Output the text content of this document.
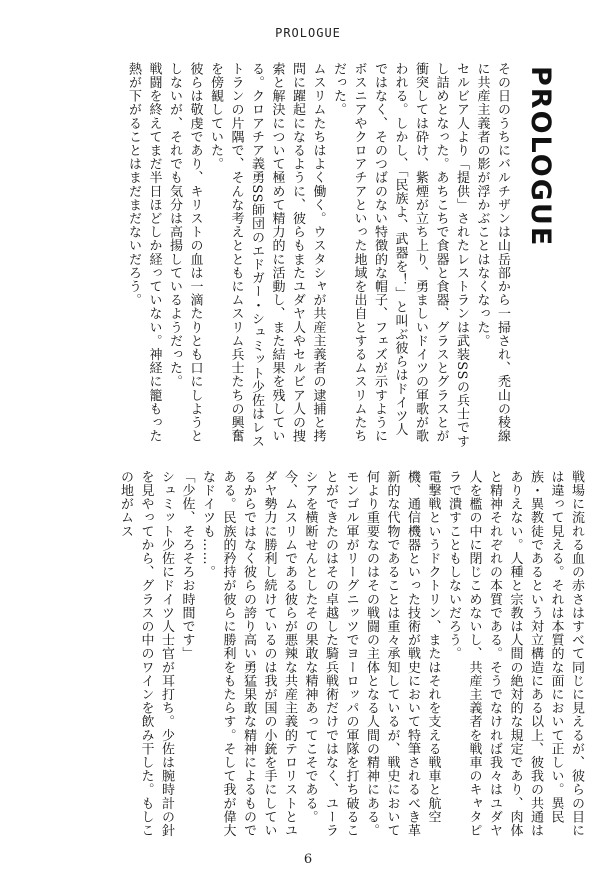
PROLOGUE
PROLOGUE

その日のうちにバルチザンは山岳部から一掃され、禿山の稜線に共産主義者の影が浮かぶことはなくなった。

セルビア人より「提供」されたレストランは武装SSの兵士ですし詰めとなった。あちこちで食器と食器、グラスとグラスとが衝突しては砕け、紫煙が立ち上り、勇ましいドイツの軍歌が歌われる。しかし、「民族よ、武器を！」と叫ぶ彼らはドイツ人ではなく、そのつばのない特徴的な帽子、フェズが示すようにボスニアやクロアチアといった地域を出自とするムスリムたちだった。

ムスリムたちはよく働く。ウスタシャが共産主義者の逮捕と拷問に躍起になるように、彼らもまたユダヤ人やセルビア人の捜索と解決について極めて精力的に活動し、また結果を残している。クロアチア義勇SS師団のエドガー・シュミット少佐はレストランの片隅で、そんな考えとともにムスリム兵士たちの興奮を傍観していた。

彼らは敬虔であり、キリストの血は一滴たりとも口にしようとしないが、それでも気分は高揚しているようだった。

戦闘を終えてまだ半日ほどしか経っていない。神経に籠もった熱が下がることはまだまだないだろう。

戦場に流れる血の赤さはすべて同じに見えるが、彼らの目には違って見える。それは本質的な面において正しい。異民族・異教徒であるという対立構造にある以上、彼我の共通はありえない。人種と宗教は人間の絶対的な規定であり、肉体と精神それぞれの本質である。そうでなければ我々はユダヤ人を檻の中に閉じこめないし、共産主義者を戦車のキャタピラで潰すこともしないだろう。

電撃戦というドクトリン、またはそれを支える戦車と航空機、通信機器といった技術が戦史において特筆されるべき革新的な代物であることは重々承知しているが、戦史において何より重要なのはその戦闘の主体となる人間の精神にある。モンゴル軍がリーグニッツでヨーロッパの軍隊を打ち破ることができたのはその卓越した騎兵戦術だけではなく、ユーラシアを横断せんとしたその果敢な精神あってこそである。今、ムスリムである彼らが悪辣な共産主義的テロリストとユダヤ勢力に勝利し続けているのは我が国の小銃を手にしているからではなく彼らの誇り高い勇猛果敢な精神によるものである。民族的矜持が彼らに勝利をもたらす。そして我が偉大なドイツも……。

「少佐、そろそろお時間です」

シュミット少佐にドイツ人士官が耳打ち。少佐は腕時計の針を見やってから、グラスの中のワインを飲み干した。もしこの地がムス

6
